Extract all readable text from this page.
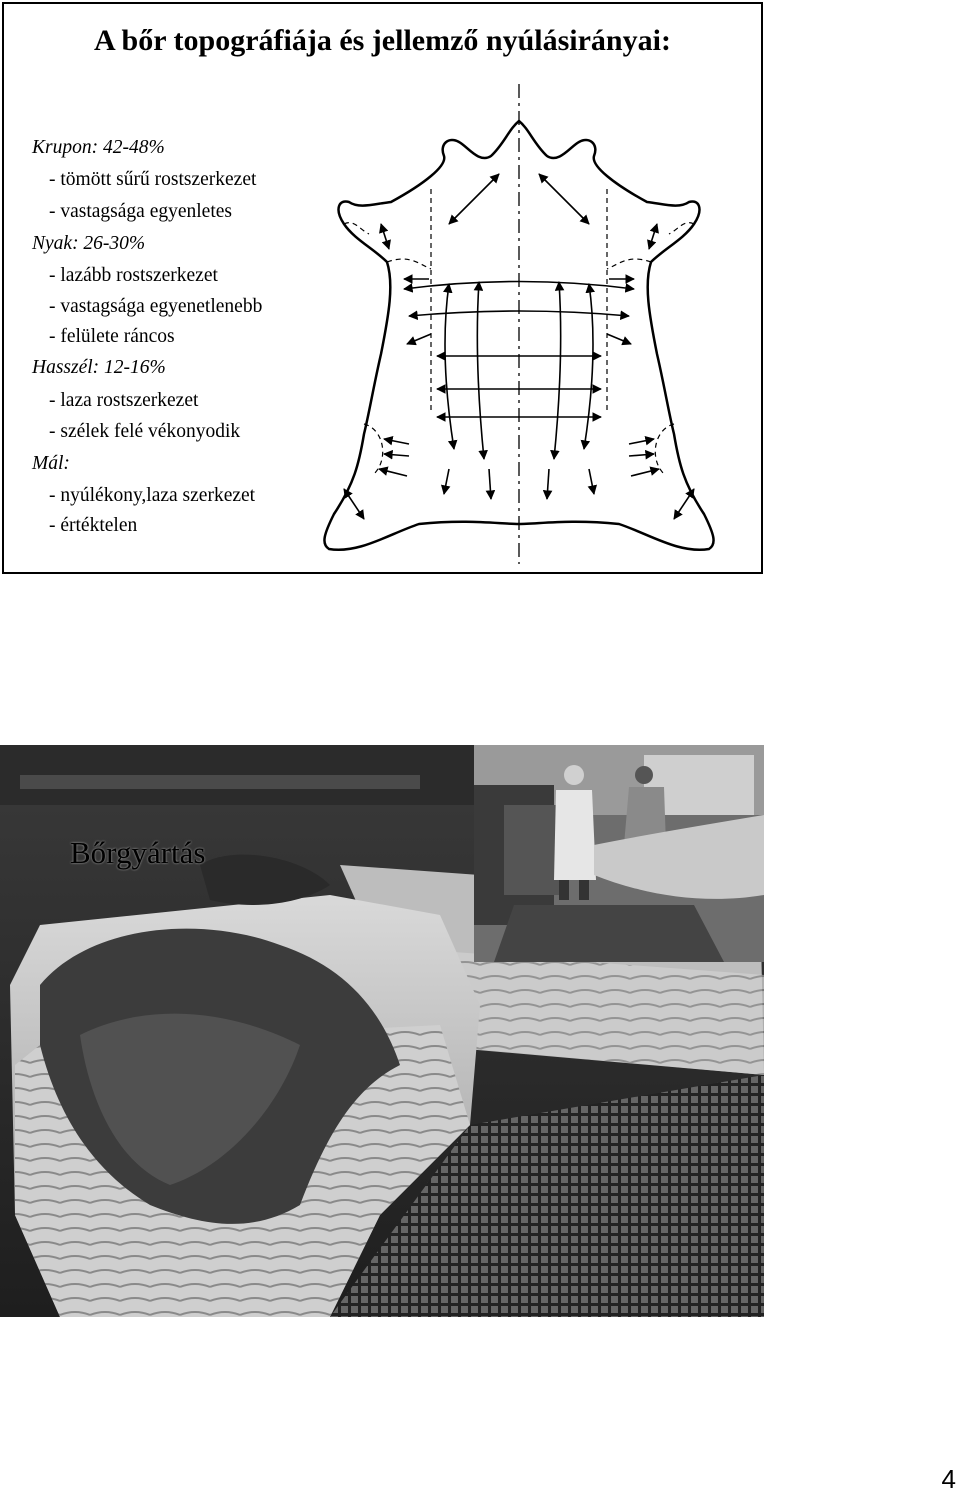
A bőr topográfiája és jellemző nyúlásirányai:
Krupon: 42-48%
- tömött sűrű rostszerkezet
- vastagsága egyenletes
Nyak: 26-30%
- lazább rostszerkezet
- vastagsága egyenetlenebb
- felülete ráncos
Hasszél: 12-16%
- laza rostszerkezet
- szélek felé vékonyodik
Mál:
- nyúlékony,laza szerkezet
- értéktelen
Bőrgyártás
4
